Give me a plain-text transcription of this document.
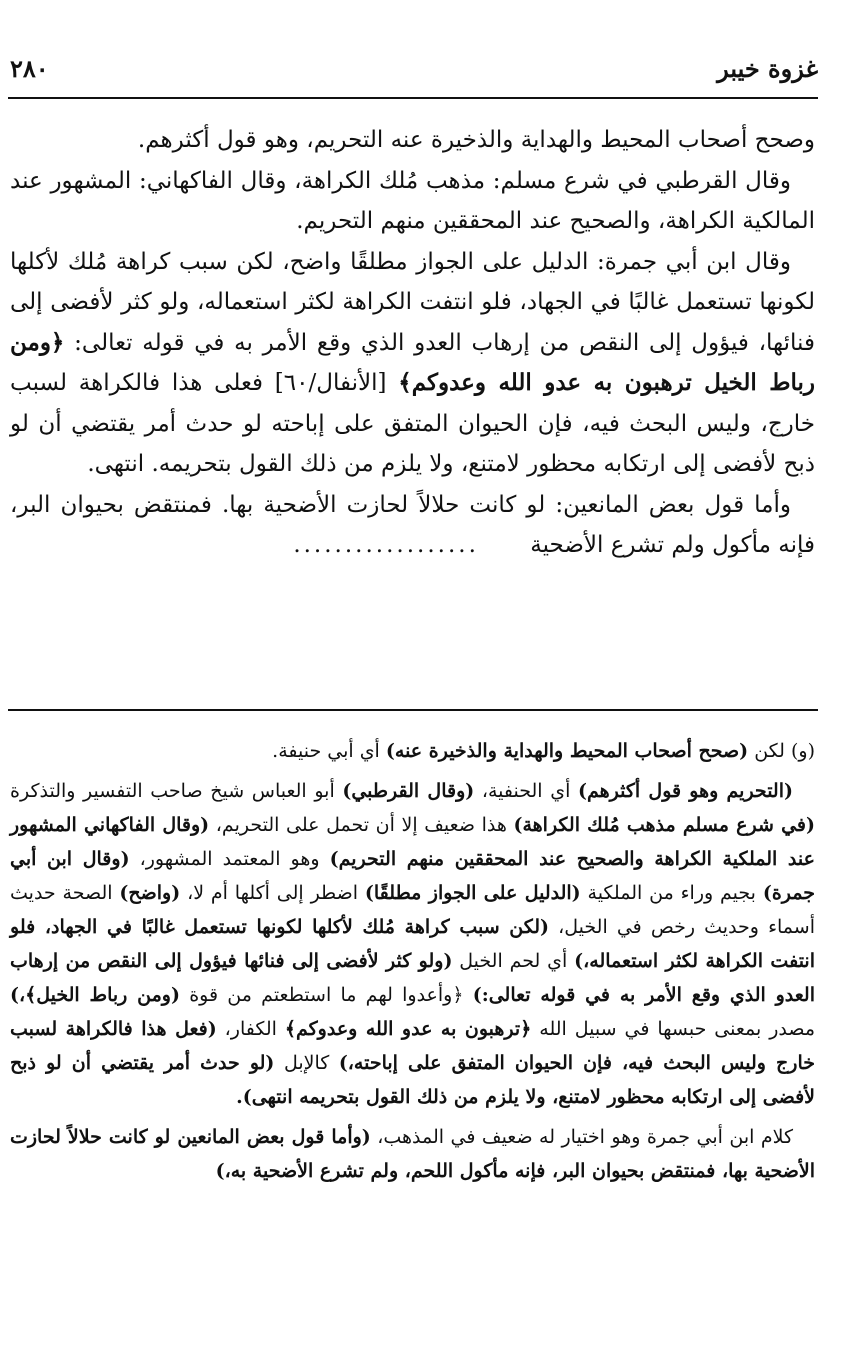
غزوة خيبر
٢٨٠

وصحح أصحاب المحيط والهداية والذخيرة عنه التحريم، وهو قول أكثرهم.

وقال القرطبي في شرع مسلم: مذهب مُلك الكراهة، وقال الفاكهاني: المشهور عند المالكية الكراهة، والصحيح عند المحققين منهم التحريم.

وقال ابن أبي جمرة: الدليل على الجواز مطلقًا واضح، لكن سبب كراهة مُلك لأكلها لكونها تستعمل غالبًا في الجهاد، فلو انتفت الكراهة لكثر استعماله، ولو كثر لأفضى إلى فنائها، فيؤول إلى النقص من إرهاب العدو الذي وقع الأمر به في قوله تعالى: ﴿ومن رباط الخيل ترهبون به عدو الله وعدوكم﴾ [الأنفال/٦٠] فعلى هذا فالكراهة لسبب خارج، وليس البحث فيه، فإن الحيوان المتفق على إباحته لو حدث أمر يقتضي أن لو ذبح لأفضى إلى ارتكابه محظور لامتنع، ولا يلزم من ذلك القول بتحريمه. انتهى.

وأما قول بعض المانعين: لو كانت حلالاً لحازت الأضحية بها. فمنتقض بحيوان البر، فإنه مأكول ولم تشرع الأضحية ..................

(و) لكن (صحح أصحاب المحيط والهداية والذخيرة عنه) أي أبي حنيفة.

(التحريم وهو قول أكثرهم) أي الحنفية، (وقال القرطبي) أبو العباس شيخ صاحب التفسير والتذكرة (في شرع مسلم مذهب مُلك الكراهة) هذا ضعيف إلا أن تحمل على التحريم، (وقال الفاكهاني المشهور عند الملكية الكراهة والصحيح عند المحققين منهم التحريم) وهو المعتمد المشهور، (وقال ابن أبي جمرة) بجيم وراء من الملكية (الدليل على الجواز مطلقًا) اضطر إلى أكلها أم لا، (واضح) الصحة حديث أسماء وحديث رخص في الخيل، (لكن سبب كراهة مُلك لأكلها لكونها تستعمل غالبًا في الجهاد، فلو انتفت الكراهة لكثر استعماله،) أي لحم الخيل (ولو كثر لأفضى إلى فنائها فيؤول إلى النقص من إرهاب العدو الذي وقع الأمر به في قوله تعالى:) ﴿وأعدوا لهم ما استطعتم من قوة (ومن رباط الخيل﴾،) مصدر بمعنى حبسها في سبيل الله ﴿ترهبون به عدو الله وعدوكم﴾ الكفار، (فعل هذا فالكراهة لسبب خارج وليس البحث فيه، فإن الحيوان المتفق على إباحته،) كالإبل (لو حدث أمر يقتضي أن لو ذبح لأفضى إلى ارتكابه محظور لامتنع، ولا يلزم من ذلك القول بتحريمه انتهى).

كلام ابن أبي جمرة وهو اختيار له ضعيف في المذهب، (وأما قول بعض المانعين لو كانت حلالاً لحازت الأضحية بها، فمنتقض بحيوان البر، فإنه مأكول اللحم، ولم تشرع الأضحية به،)
